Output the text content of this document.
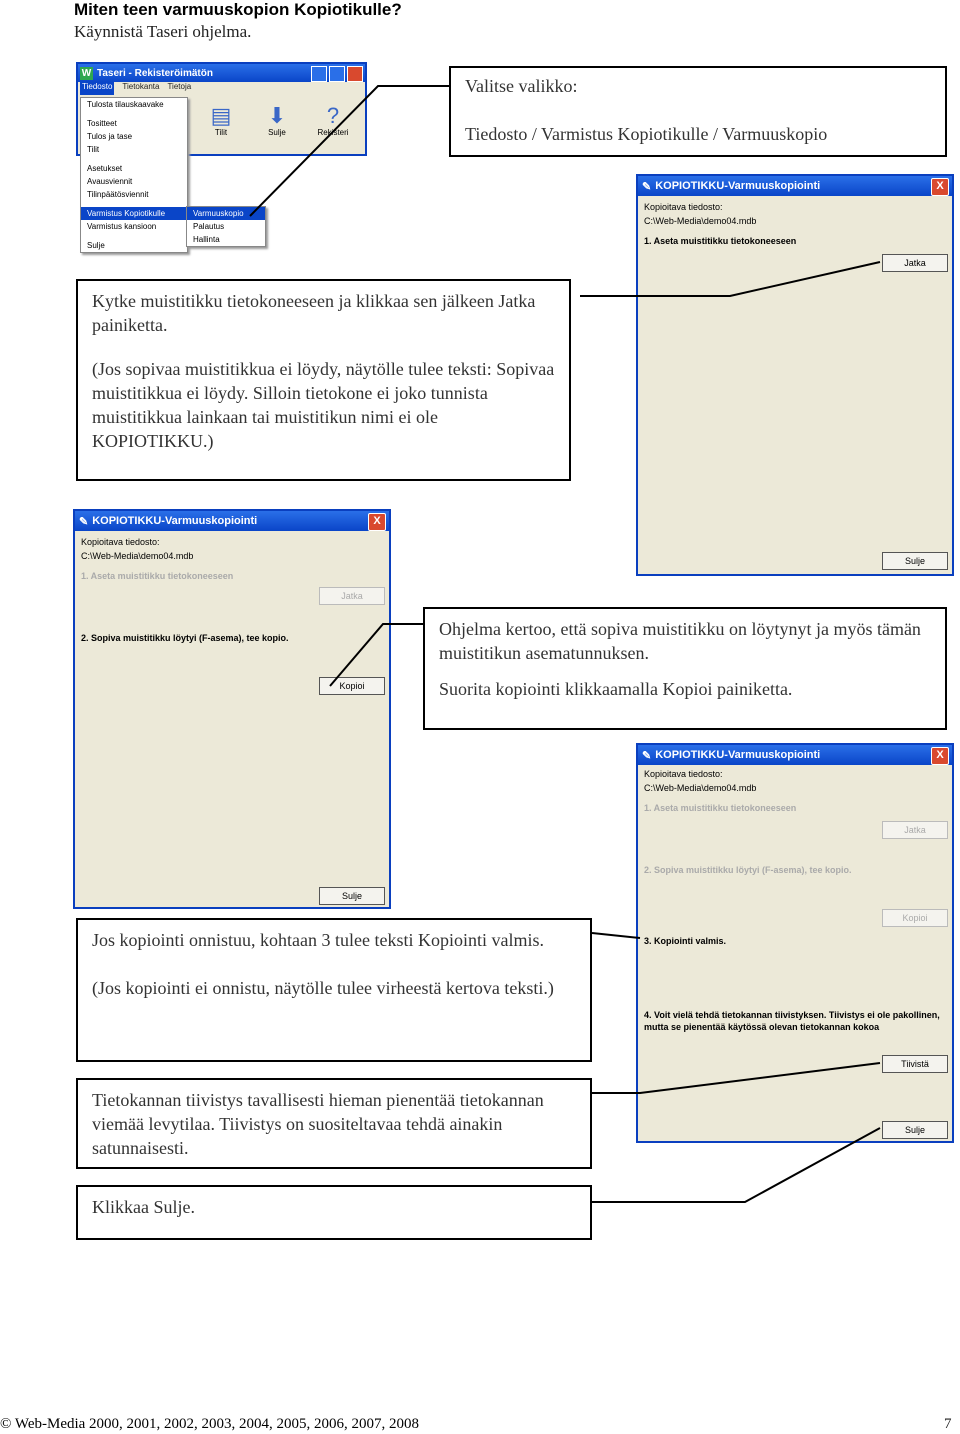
Miten teen varmuuskopion Kopiotikulle?
Käynnistä Taseri ohjelma.
W Taseri - Rekisteröimätön
Tiedosto Tietokanta Tietoja
▤
Tilit
⬇
Sulje
?
Rekisteri
Tulosta tilauskaavake
Tositteet
Tulos ja tase
Tilit
Asetukset
Avausviennit
Tilinpäätösviennit
Varmistus Kopiotikulle
Varmistus kansioon
Sulje
Varmuuskopio
Palautus
Hallinta

Valitse valikko:

Tiedosto / Varmistus Kopiotikulle / Varmuuskopio

✎ KOPIOTIKKU-Varmuuskopiointi	X
Kopioitava tiedosto:
C:\Web-Media\demo04.mdb
1. Aseta muistitikku tietokoneeseen
Jatka
Sulje

Kytke muistitikku tietokoneeseen ja klikkaa sen jälkeen Jatka painiketta.

(Jos sopivaa muistitikkua ei löydy, näytölle tulee teksti: Sopivaa muistitikkua ei löydy. Silloin tietokone ei joko tunnista muistitikkua lainkaan tai muistitikun nimi ei ole KOPIOTIKKU.)

✎ KOPIOTIKKU-Varmuuskopiointi	X
Kopioitava tiedosto:
C:\Web-Media\demo04.mdb
1. Aseta muistitikku tietokoneeseen
Jatka
2. Sopiva muistitikku löytyi (F-asema), tee kopio.
Kopioi
Sulje

Ohjelma kertoo, että sopiva muistitikku on löytynyt ja myös tämän muistitikun asematunnuksen.

Suorita kopiointi klikkaamalla Kopioi painiketta.

✎ KOPIOTIKKU-Varmuuskopiointi	X
Kopioitava tiedosto:
C:\Web-Media\demo04.mdb
1. Aseta muistitikku tietokoneeseen
Jatka
2. Sopiva muistitikku löytyi (F-asema), tee kopio.
Kopioi
3. Kopiointi valmis.
4. Voit vielä tehdä tietokannan tiivistyksen. Tiivistys ei ole pakollinen, mutta se pienentää käytössä olevan tietokannan kokoa
Tiivistä
Sulje

Jos kopiointi onnistuu, kohtaan 3 tulee teksti Kopiointi valmis.

(Jos kopiointi ei onnistu, näytölle tulee virheestä kertova teksti.)

Tietokannan tiivistys tavallisesti hieman pienentää tietokannan viemää levytilaa. Tiivistys on suositeltavaa tehdä ainakin satunnaisesti.

Klikkaa Sulje.

© Web-Media 2000, 2001, 2002, 2003, 2004, 2005, 2006, 2007, 2008	7
